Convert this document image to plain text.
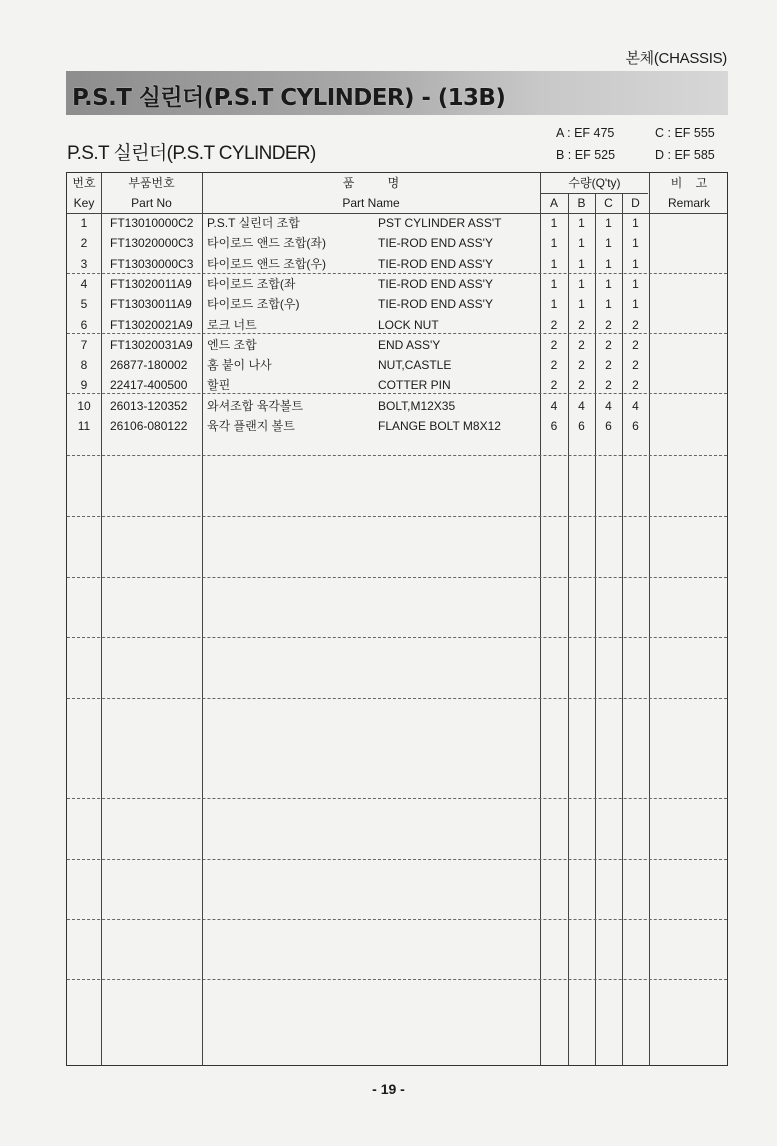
본체(CHASSIS)
P.S.T 실린더(P.S.T CYLINDER) - (13B)
P.S.T 실린더(P.S.T CYLINDER)
A : EF 475
B : EF 525
C : EF 555
D : EF 585
번호
Key
부품번호
Part No
품          명
Part Name
수량(Q'ty)
A	B	C	D
비    고
Remark
1	FT13010000C2	P.S.T 실린더 조합	PST CYLINDER ASS'T	1	1	1	1
2	FT13020000C3	타이로드 앤드 조합(좌)	TIE-ROD END ASS'Y	1	1	1	1
3	FT13030000C3	타이로드 앤드 조합(우)	TIE-ROD END ASS'Y	1	1	1	1
4	FT13020011A9	타이로드 조합(좌	TIE-ROD END ASS'Y	1	1	1	1
5	FT13030011A9	타이로드 조합(우)	TIE-ROD END ASS'Y	1	1	1	1
6	FT13020021A9	로크 너트	LOCK NUT	2	2	2	2
7	FT13020031A9	엔드 조합	END ASS'Y	2	2	2	2
8	26877-180002	홈 붙이 나사	NUT,CASTLE	2	2	2	2
9	22417-400500	할핀	COTTER PIN	2	2	2	2
10	26013-120352	와셔조합 육각볼트	BOLT,M12X35	4	4	4	4
11	26106-080122	육각 플랜지 볼트	FLANGE BOLT M8X12	6	6	6	6
- 19 -
